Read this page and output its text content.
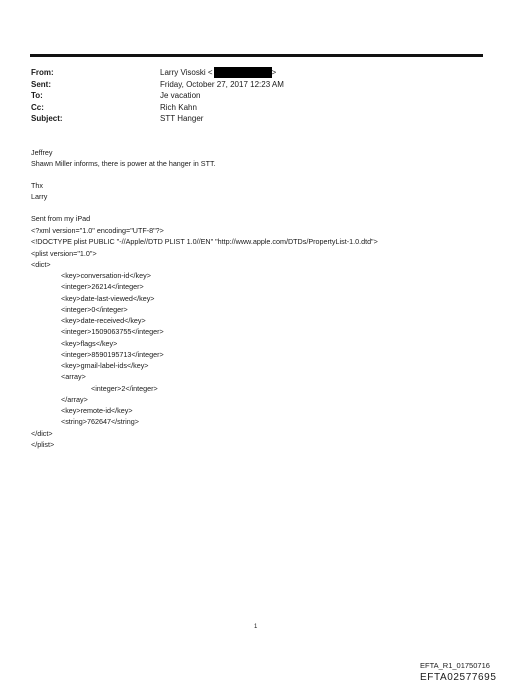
From:	Larry Visoski <	>
Sent:	Friday, October 27, 2017 12:23 AM
To:	Je vacation
Cc:	Rich Kahn
Subject:	STT Hanger
Jeffrey
Shawn Miller informs, there is power at the hanger in STT.
Thx
Larry
Sent from my iPad
<?xml version="1.0" encoding="UTF-8"?>
<!DOCTYPE plist PUBLIC "-//Apple//DTD PLIST 1.0//EN" "http://www.apple.com/DTDs/PropertyList-1.0.dtd">
<plist version="1.0">
<dict>
<key>conversation-id</key>
<integer>26214</integer>
<key>date-last-viewed</key>
<integer>0</integer>
<key>date-received</key>
<integer>1509063755</integer>
<key>flags</key>
<integer>8590195713</integer>
<key>gmail-label-ids</key>
<array>
<integer>2</integer>
</array>
<key>remote-id</key>
<string>762647</string>
</dict>
</plist>
1
EFTA_R1_01750716
EFTA02577695
